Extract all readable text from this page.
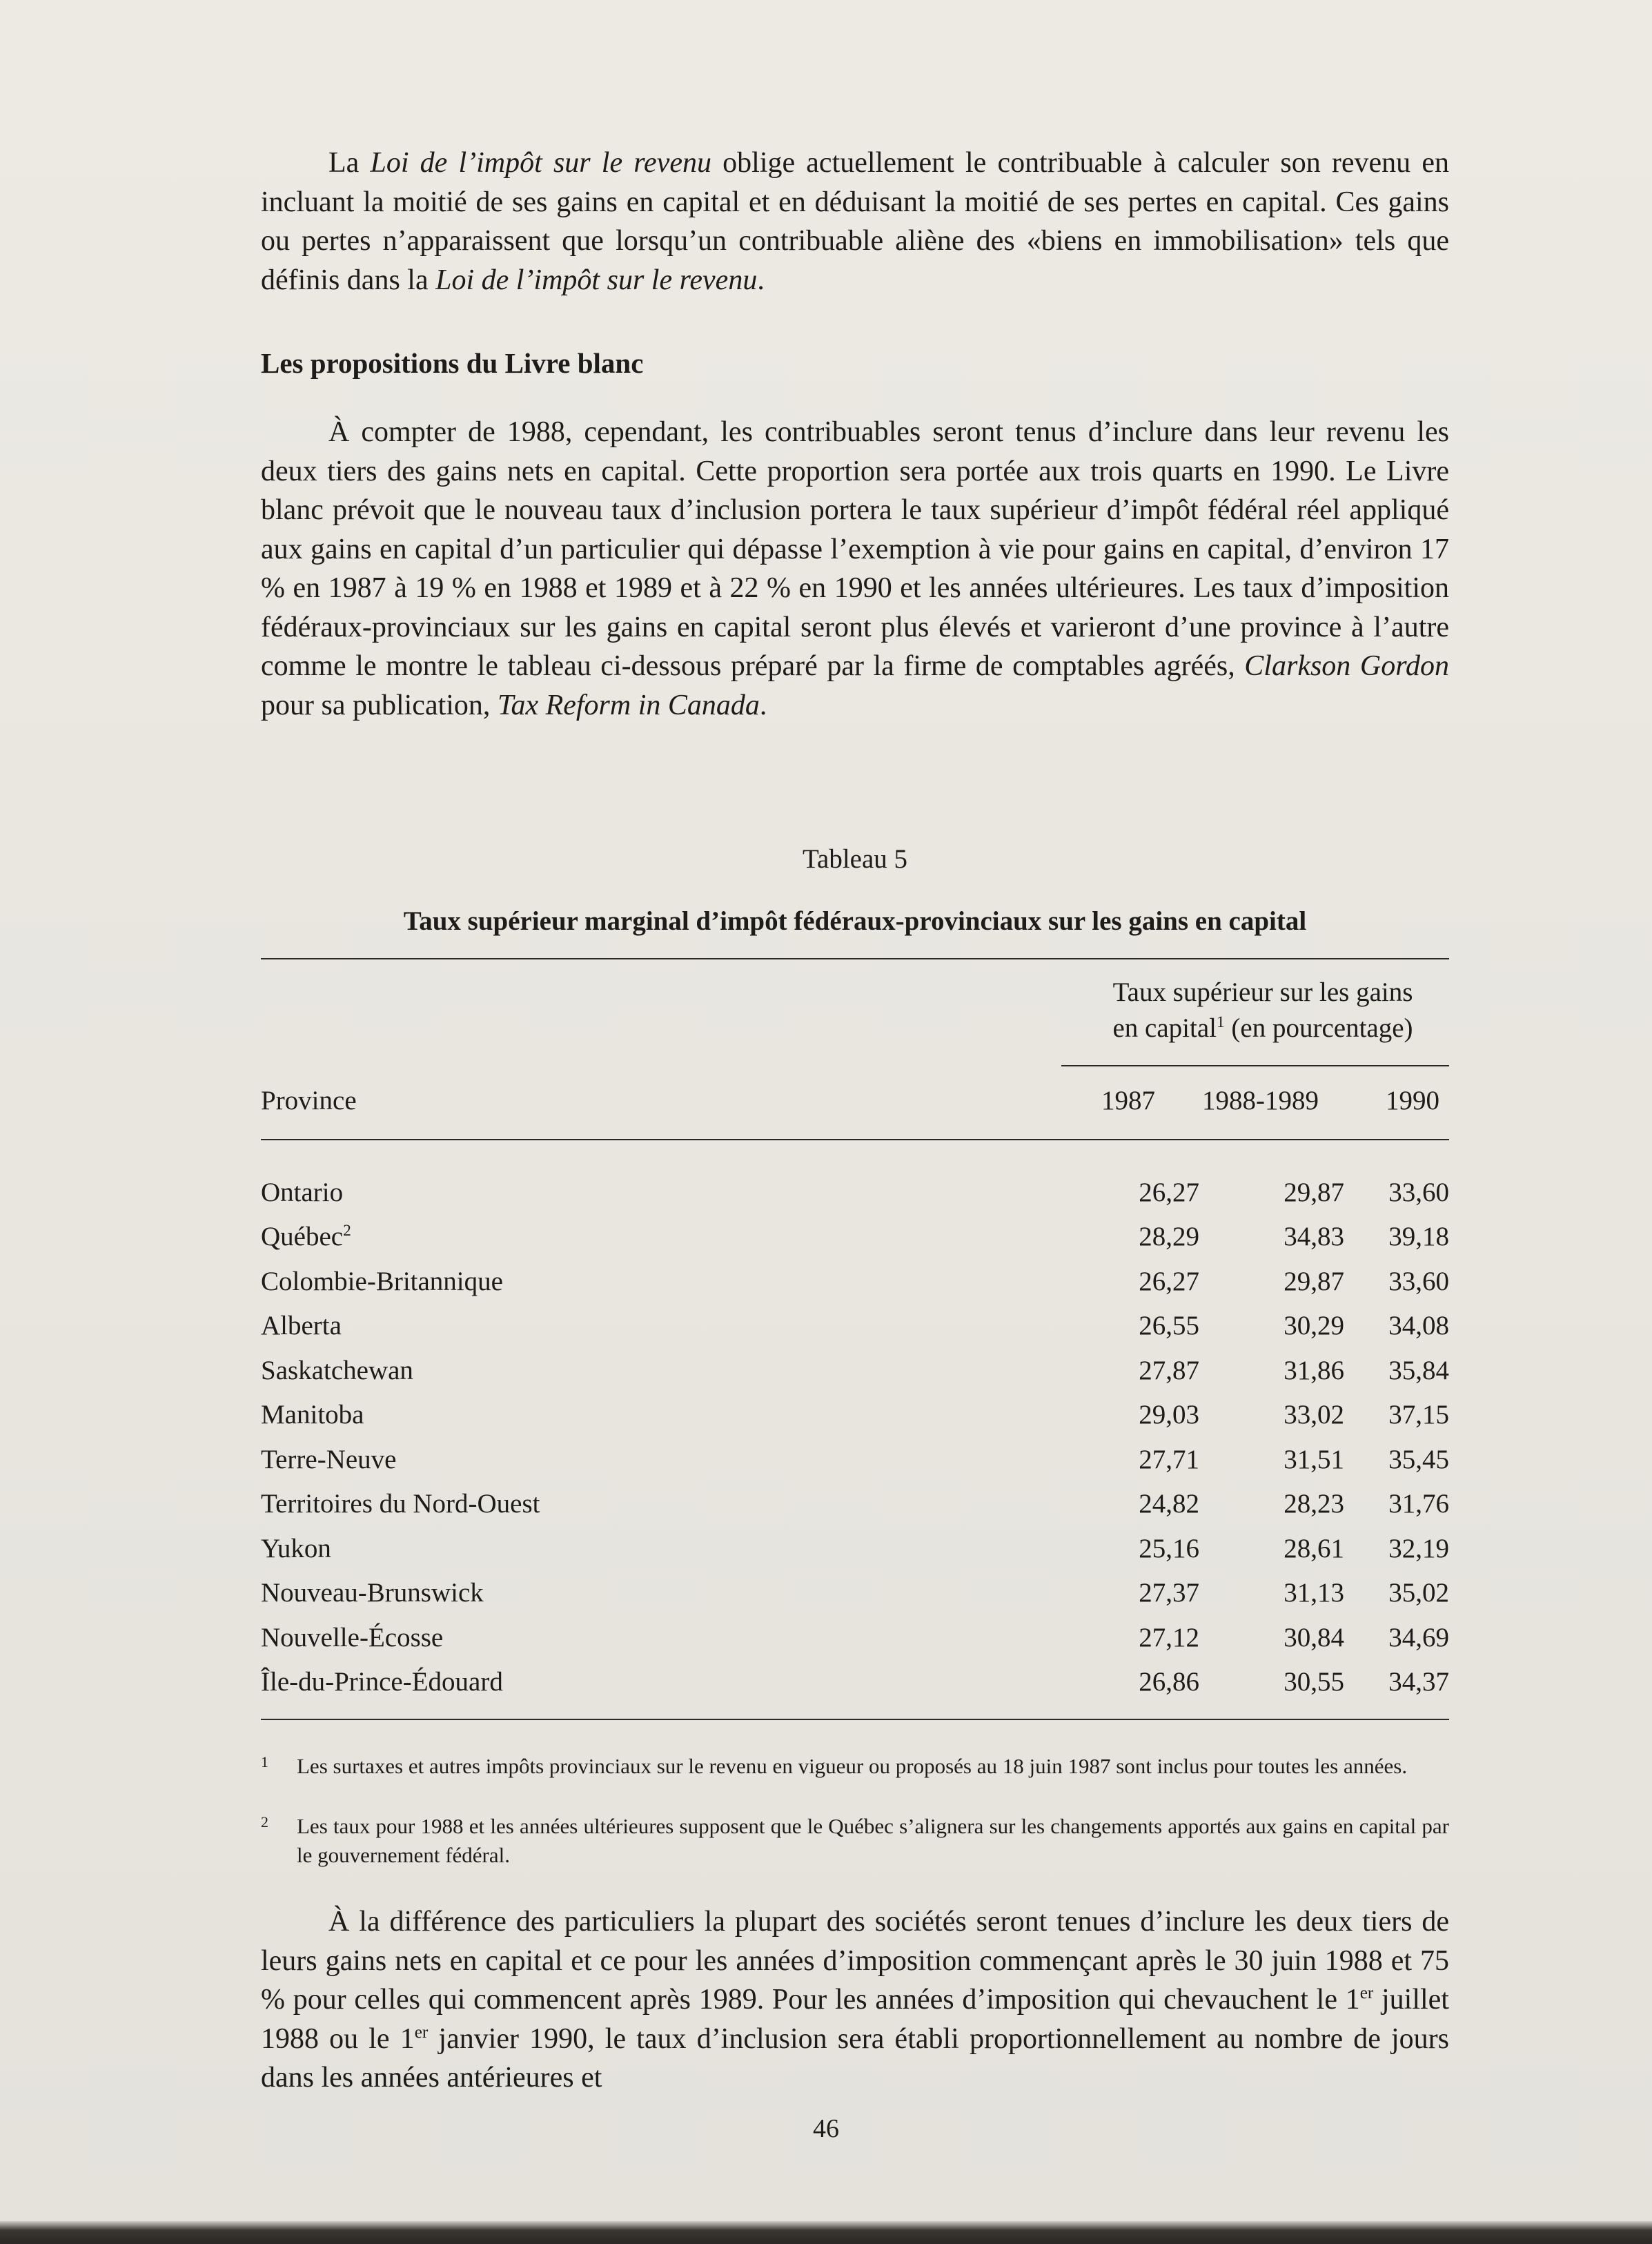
La Loi de l’impôt sur le revenu oblige actuellement le contribuable à calculer son revenu en incluant la moitié de ses gains en capital et en déduisant la moitié de ses pertes en capital. Ces gains ou pertes n’apparaissent que lorsqu’un contribuable aliène des «biens en immobilisation» tels que définis dans la Loi de l’impôt sur le revenu.

Les propositions du Livre blanc

À compter de 1988, cependant, les contribuables seront tenus d’inclure dans leur revenu les deux tiers des gains nets en capital. Cette proportion sera portée aux trois quarts en 1990. Le Livre blanc prévoit que le nouveau taux d’inclusion portera le taux supérieur d’impôt fédéral réel appliqué aux gains en capital d’un particulier qui dépasse l’exemption à vie pour gains en capital, d’environ 17 % en 1987 à 19 % en 1988 et 1989 et à 22 % en 1990 et les années ultérieures. Les taux d’imposition fédéraux-provinciaux sur les gains en capital seront plus élevés et varieront d’une province à l’autre comme le montre le tableau ci-dessous préparé par la firme de comptables agréés, Clarkson Gordon pour sa publication, Tax Reform in Canada.

Tableau 5
Taux supérieur marginal d’impôt fédéraux-provinciaux sur les gains en capital
Taux supérieur sur les gains
en capital$^1$ (en pourcentage)
Province	1987 1988-1989 1990
Ontario	26,27	29,87	33,60
Québec$^2$	28,29	34,83	39,18
Colombie-Britannique	26,27	29,87	33,60
Alberta	26,55	30,29	34,08
Saskatchewan	27,87	31,86	35,84
Manitoba	29,03	33,02	37,15
Terre-Neuve	27,71	31,51	35,45
Territoires du Nord-Ouest	24,82	28,23	31,76
Yukon	25,16	28,61	32,19
Nouveau-Brunswick	27,37	31,13	35,02
Nouvelle-Écosse	27,12	30,84	34,69
Île-du-Prince-Édouard	26,86	30,55	34,37
1 Les surtaxes et autres impôts provinciaux sur le revenu en vigueur ou proposés au 18 juin 1987 sont inclus pour toutes les années.
2 Les taux pour 1988 et les années ultérieures supposent que le Québec s’alignera sur les changements apportés aux gains en capital par le gouvernement fédéral.

À la différence des particuliers la plupart des sociétés seront tenues d’inclure les deux tiers de leurs gains nets en capital et ce pour les années d’imposition commençant après le 30 juin 1988 et 75 % pour celles qui commencent après 1989. Pour les années d’imposition qui chevauchent le 1er juillet 1988 ou le 1er janvier 1990, le taux d’inclusion sera établi proportionnellement au nombre de jours dans les années antérieures et

46
